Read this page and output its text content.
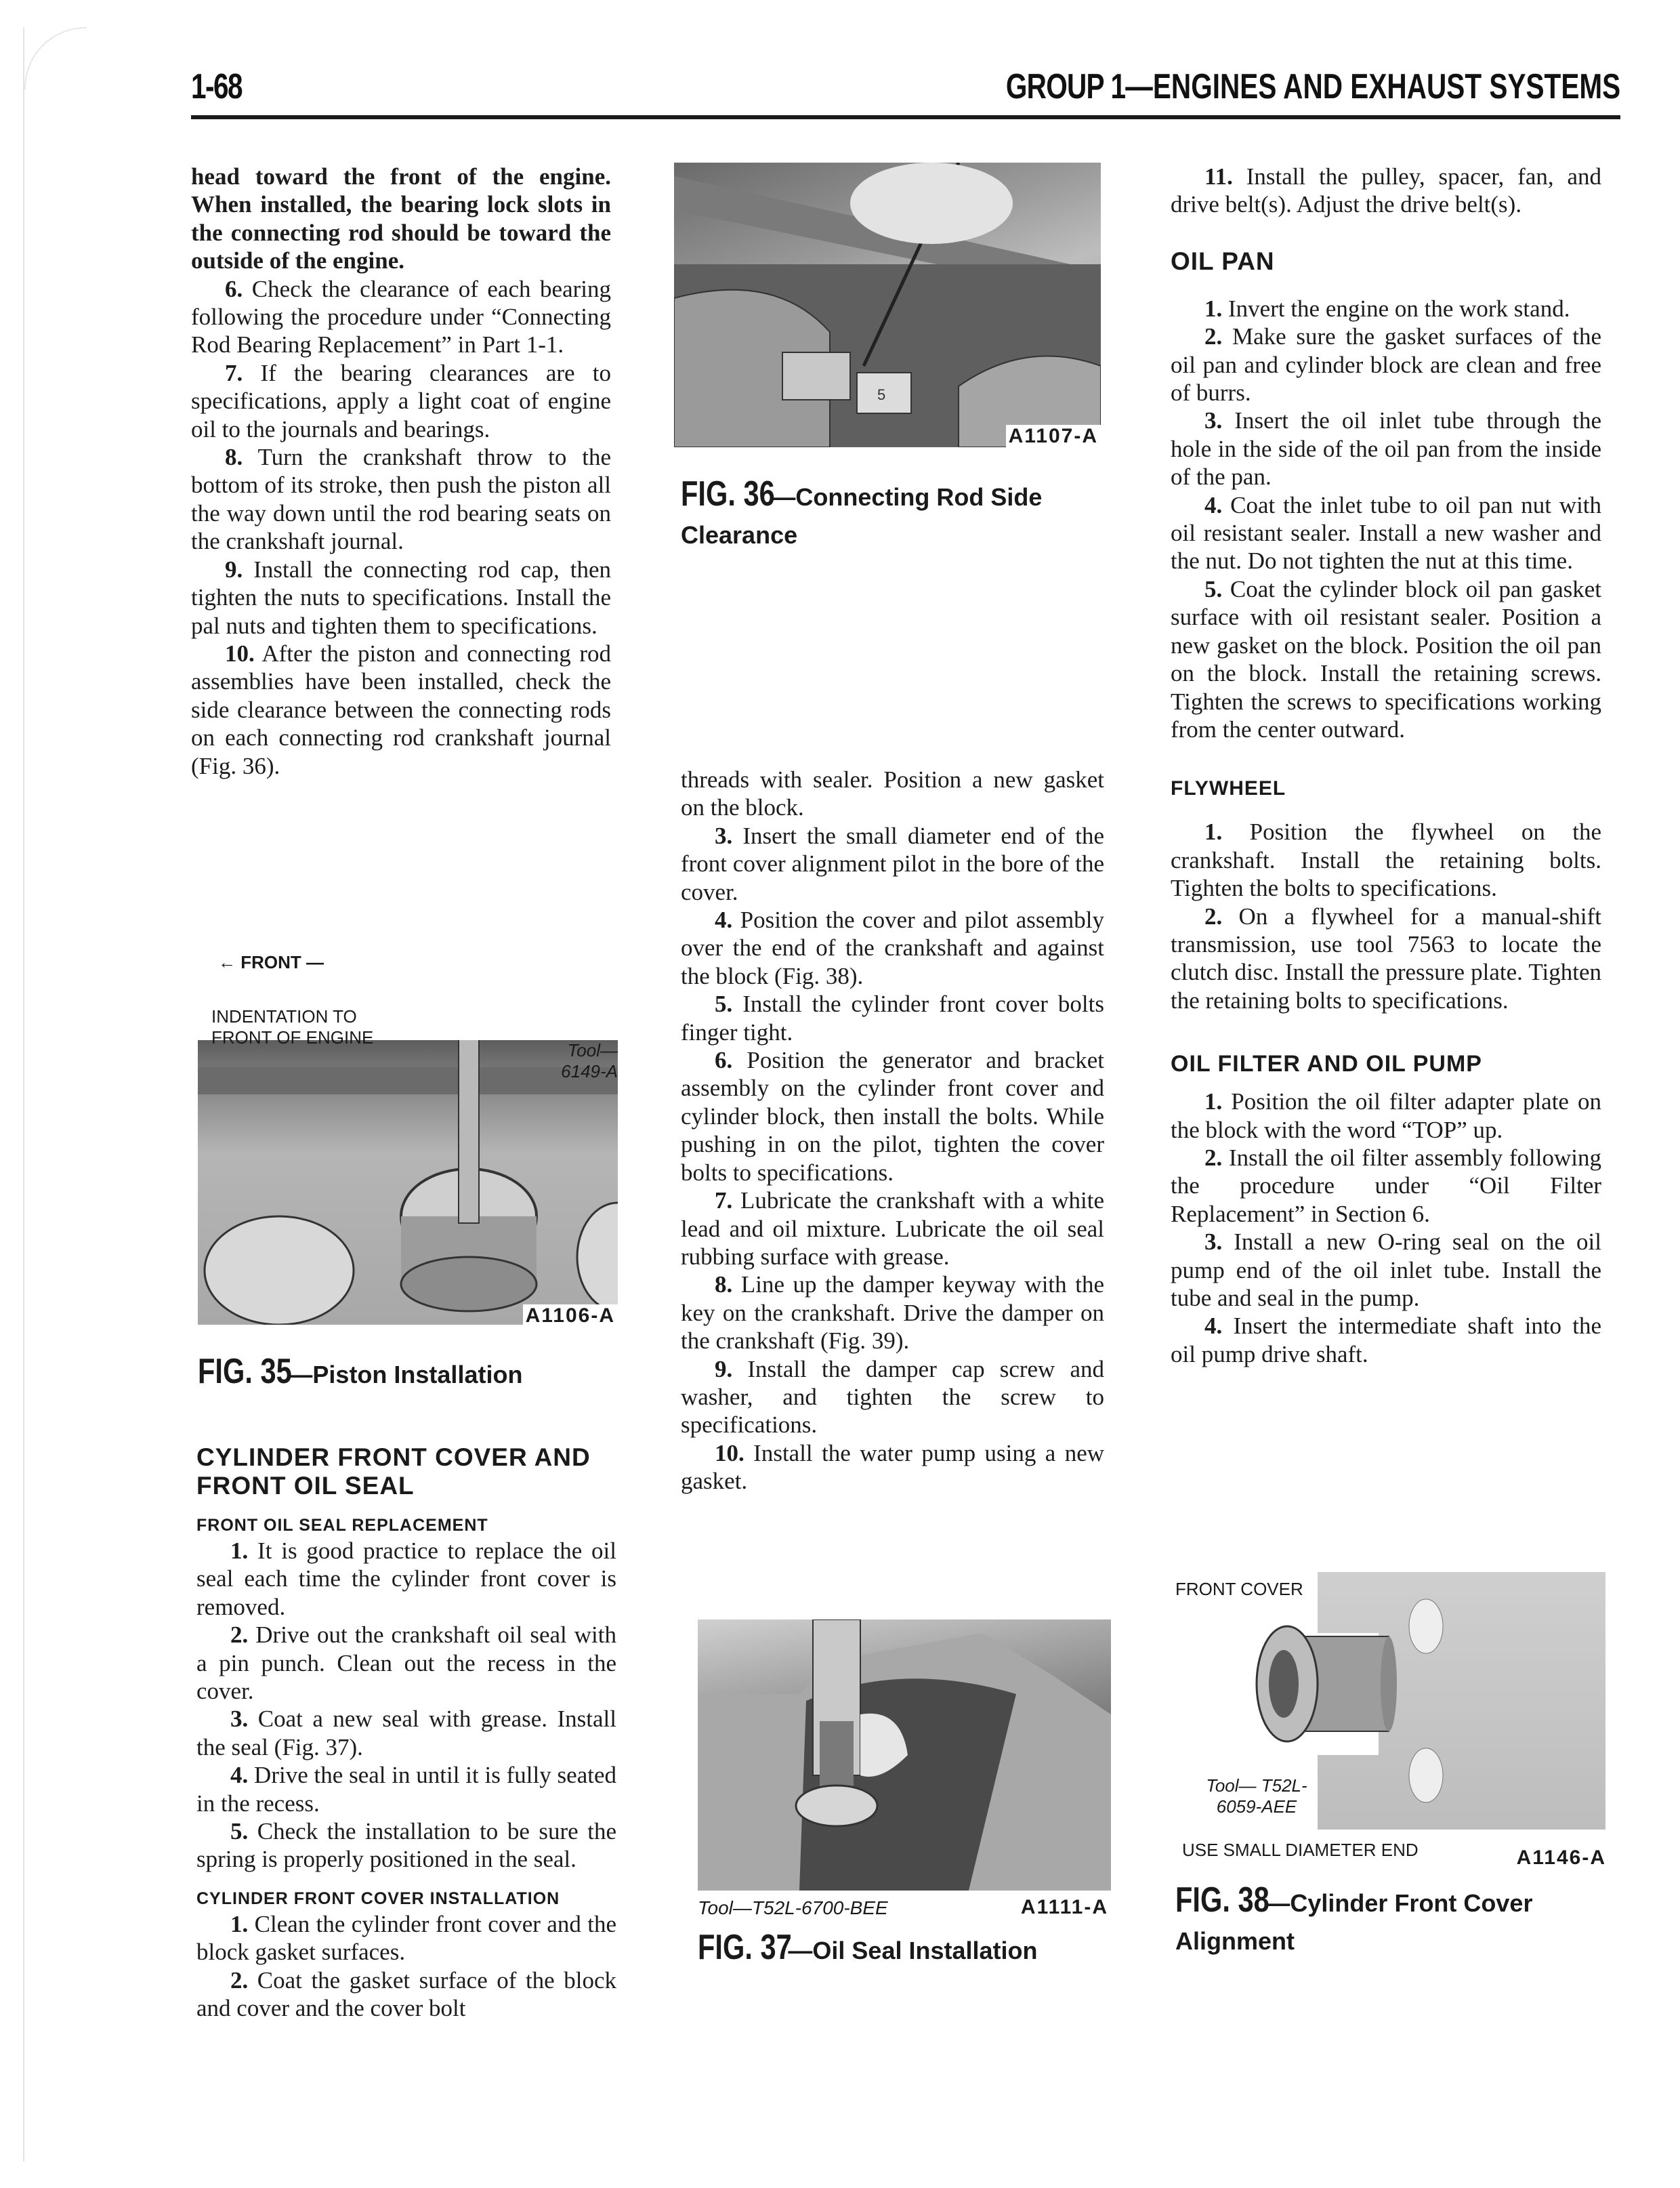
1-68	GROUP 1—ENGINES AND EXHAUST SYSTEMS

head toward the front of the engine. When installed, the bearing lock slots in the connecting rod should be toward the outside of the engine.

6. Check the clearance of each bearing following the procedure under “Connecting Rod Bearing Replacement” in Part 1-1.

7. If the bearing clearances are to specifications, apply a light coat of engine oil to the journals and bearings.

8. Turn the crankshaft throw to the bottom of its stroke, then push the piston all the way down until the rod bearing seats on the crankshaft journal.

9. Install the connecting rod cap, then tighten the nuts to specifications. Install the pal nuts and tighten them to specifications.

10. After the piston and connecting rod assemblies have been installed, check the side clearance between the connecting rods on each connecting rod crankshaft journal (Fig. 36).

← FRONT —
INDENTATION TO FRONT OF ENGINE
Tool— 6149-A
A1106-A
FIG. 35—Piston Installation

CYLINDER FRONT COVER AND FRONT OIL SEAL

FRONT OIL SEAL REPLACEMENT

1. It is good practice to replace the oil seal each time the cylinder front cover is removed.

2. Drive out the crankshaft oil seal with a pin punch. Clean out the recess in the cover.

3. Coat a new seal with grease. Install the seal (Fig. 37).

4. Drive the seal in until it is fully seated in the recess.

5. Check the installation to be sure the spring is properly positioned in the seal.

CYLINDER FRONT COVER INSTALLATION

1. Clean the cylinder front cover and the block gasket surfaces.

2. Coat the gasket surface of the block and cover and the cover bolt

5
A1107-A
FIG. 36—Connecting Rod Side Clearance

threads with sealer. Position a new gasket on the block.

3. Insert the small diameter end of the front cover alignment pilot in the bore of the cover.

4. Position the cover and pilot assembly over the end of the crankshaft and against the block (Fig. 38).

5. Install the cylinder front cover bolts finger tight.

6. Position the generator and bracket assembly on the cylinder front cover and cylinder block, then install the bolts. While pushing in on the pilot, tighten the cover bolts to specifications.

7. Lubricate the crankshaft with a white lead and oil mixture. Lubricate the oil seal rubbing surface with grease.

8. Line up the damper keyway with the key on the crankshaft. Drive the damper on the crankshaft (Fig. 39).

9. Install the damper cap screw and washer, and tighten the screw to specifications.

10. Install the water pump using a new gasket.

Tool—T52L-6700-BEE	A1111-A
FIG. 37—Oil Seal Installation

11. Install the pulley, spacer, fan, and drive belt(s). Adjust the drive belt(s).

OIL PAN

1. Invert the engine on the work stand.

2. Make sure the gasket surfaces of the oil pan and cylinder block are clean and free of burrs.

3. Insert the oil inlet tube through the hole in the side of the oil pan from the inside of the pan.

4. Coat the inlet tube to oil pan nut with oil resistant sealer. Install a new washer and the nut. Do not tighten the nut at this time.

5. Coat the cylinder block oil pan gasket surface with oil resistant sealer. Position a new gasket on the block. Position the oil pan on the block. Install the retaining screws. Tighten the screws to specifications working from the center outward.

FLYWHEEL

1. Position the flywheel on the crankshaft. Install the retaining bolts. Tighten the bolts to specifications.

2. On a flywheel for a manual-shift transmission, use tool 7563 to locate the clutch disc. Install the pressure plate. Tighten the retaining bolts to specifications.

OIL FILTER AND OIL PUMP

1. Position the oil filter adapter plate on the block with the word “TOP” up.

2. Install the oil filter assembly following the procedure under “Oil Filter Replacement” in Section 6.

3. Install a new O-ring seal on the oil pump end of the oil inlet tube. Install the tube and seal in the pump.

4. Insert the intermediate shaft into the oil pump drive shaft.

FRONT COVER
Tool— T52L-6059-AEE
USE SMALL DIAMETER END	A1146-A
FIG. 38—Cylinder Front Cover Alignment
